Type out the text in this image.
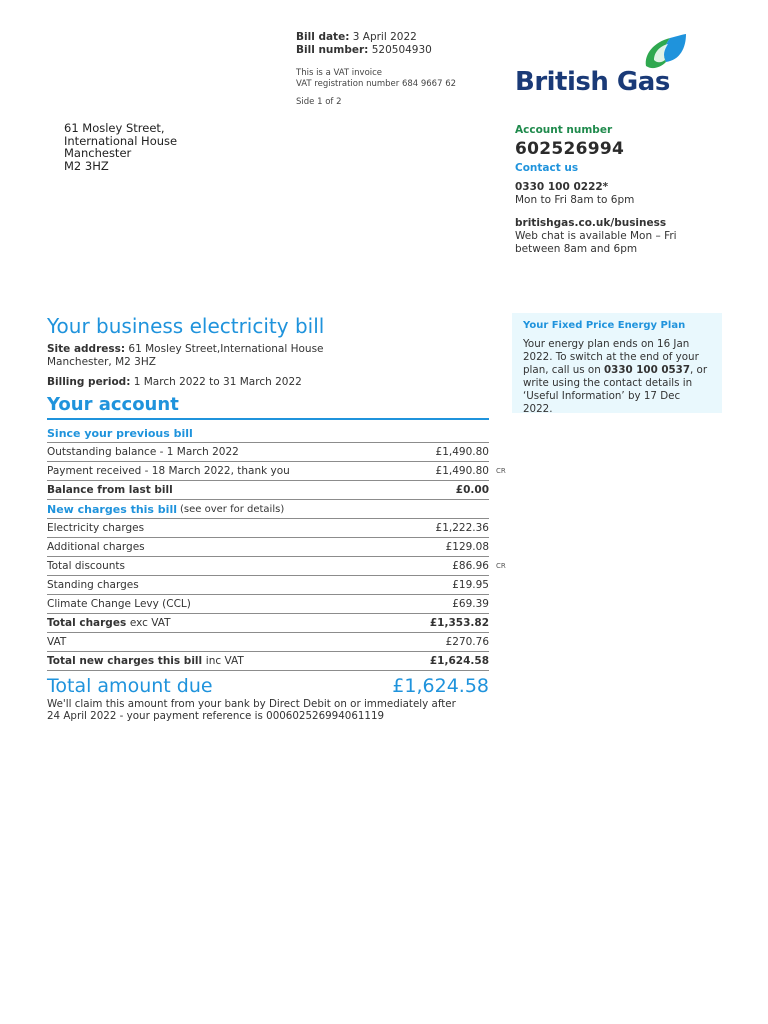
Bill date: 3 April 2022
Bill number: 520504930
This is a VAT invoice
VAT registration number 684 9667 62
Side 1 of 2
British Gas
61 Mosley Street,
International House
Manchester
M2 3HZ
Account number
602526994
Contact us
0330 100 0222*
Mon to Fri 8am to 6pm
britishgas.co.uk/business
Web chat is available Mon – Fri
between 8am and 6pm
Your Fixed Price Energy Plan
Your energy plan ends on 16 Jan 2022. To switch at the end of your plan, call us on 0330 100 0537, or write using the contact details in ‘Useful Information’ by 17 Dec 2022.
Your business electricity bill
Site address: 61 Mosley Street,International House
Manchester, M2 3HZ
Billing period: 1 March 2022 to 31 March 2022
Your account
Since your previous bill
Outstanding balance - 1 March 2022	£1,490.80
Payment received - 18 March 2022, thank you	£1,490.80 CR
Balance from last bill	£0.00
New charges this bill (see over for details)
Electricity charges	£1,222.36
Additional charges	£129.08
Total discounts	£86.96 CR
Standing charges	£19.95
Climate Change Levy (CCL)	£69.39
Total charges exc VAT	£1,353.82
VAT	£270.76
Total new charges this bill inc VAT	£1,624.58
Total amount due	£1,624.58
We'll claim this amount from your bank by Direct Debit on or immediately after
24 April 2022 - your payment reference is 000602526994061119
